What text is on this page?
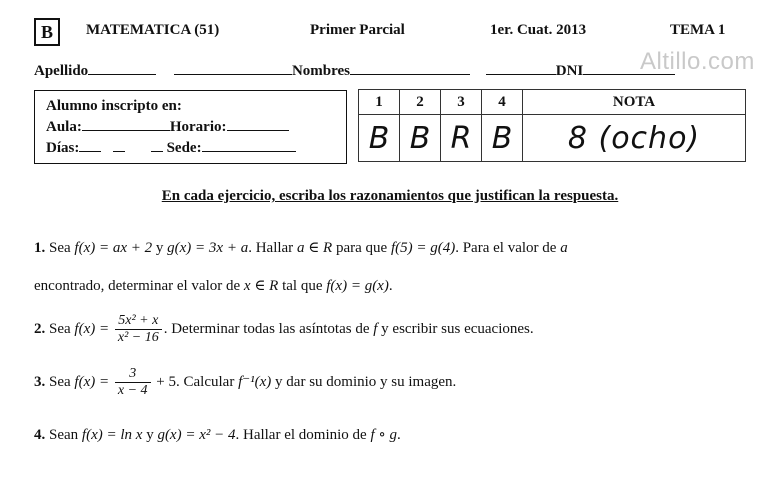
B	MATEMATICA (51)	Primer Parcial	1er. Cuat. 2013	TEMA 1
Altillo.com
Apellido	Nombres	DNI
Alumno inscripto en:
Aula:	Horario:
Días:	Sede:
1	2	3	4	NOTA
B	B	R	B	8 (ocho)
En cada ejercicio, escriba los razonamientos que justifican la respuesta.
1. Sea f(x) = ax + 2 y g(x) = 3x + a. Hallar a ∈ R para que f(5) = g(4). Para el valor de a
encontrado, determinar el valor de x ∈ R tal que f(x) = g(x).
2. Sea $f(x) = \frac{\text{5x² + x}}{\text{x² − 16}}$ . Determinar todas las asíntotas de f y escribir sus ecuaciones.
3. Sea $f(x) = \frac{3}{x - 4} + 5$. Calcular f⁻¹(x) y dar su dominio y su imagen.
4. Sean f(x) = ln x y g(x) = x² − 4. Hallar el dominio de f ∘ g.
